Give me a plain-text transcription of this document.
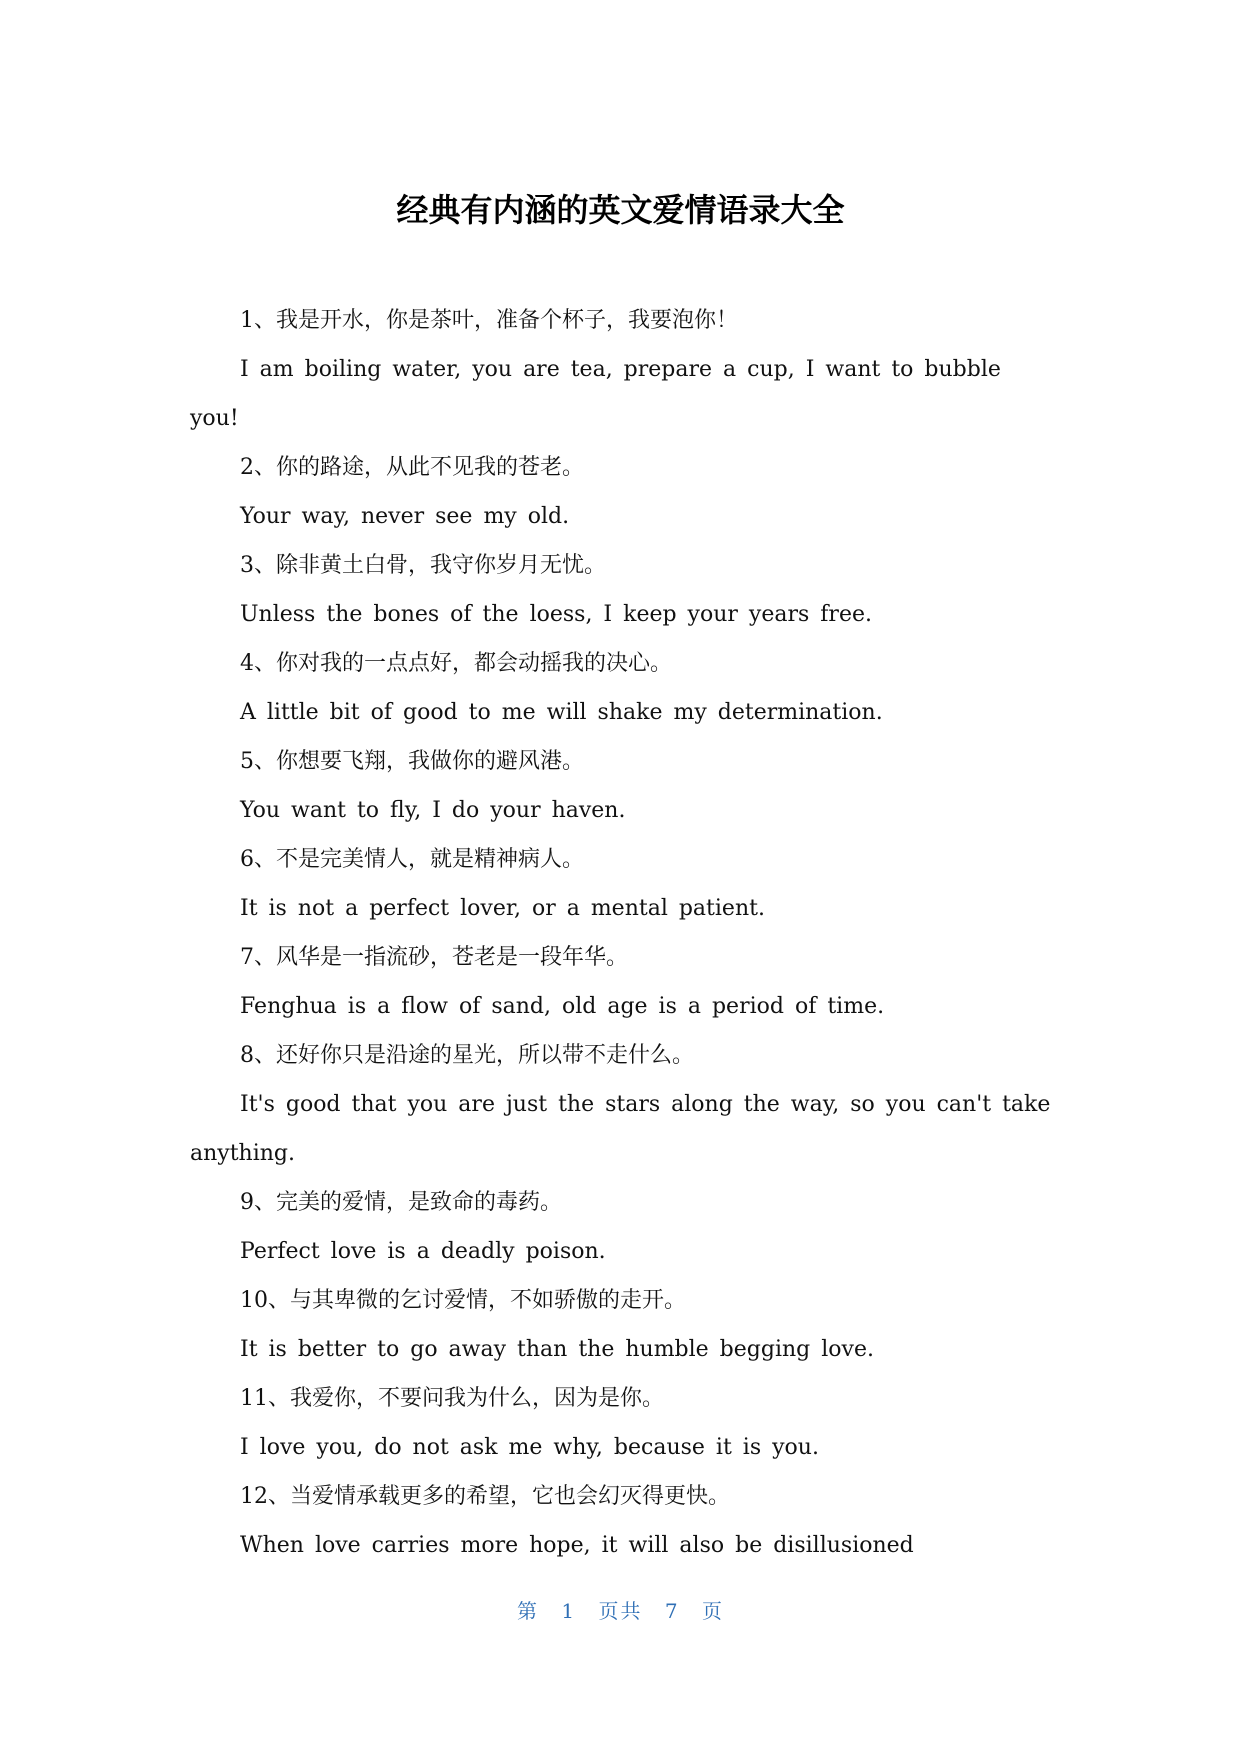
经典有内涵的英文爱情语录大全

1、我是开水，你是茶叶，准备个杯子，我要泡你！

I am boiling water, you are tea, prepare a cup, I want to bubble you!

2、你的路途，从此不见我的苍老。

Your way, never see my old.

3、除非黄土白骨，我守你岁月无忧。

Unless the bones of the loess, I keep your years free.

4、你对我的一点点好，都会动摇我的决心。

A little bit of good to me will shake my determination.

5、你想要飞翔，我做你的避风港。

You want to fly, I do your haven.

6、不是完美情人，就是精神病人。

It is not a perfect lover, or a mental patient.

7、风华是一指流砂，苍老是一段年华。

Fenghua is a flow of sand, old age is a period of time.

8、还好你只是沿途的星光，所以带不走什么。

It's good that you are just the stars along the way, so you can't take anything.

9、完美的爱情，是致命的毒药。

Perfect love is a deadly poison.

10、与其卑微的乞讨爱情，不如骄傲的走开。

It is better to go away than the humble begging love.

11、我爱你，不要问我为什么，因为是你。

I love you, do not ask me why, because it is you.

12、当爱情承载更多的希望，它也会幻灭得更快。

When love carries more hope, it will also be disillusioned

第 1 页共 7 页
